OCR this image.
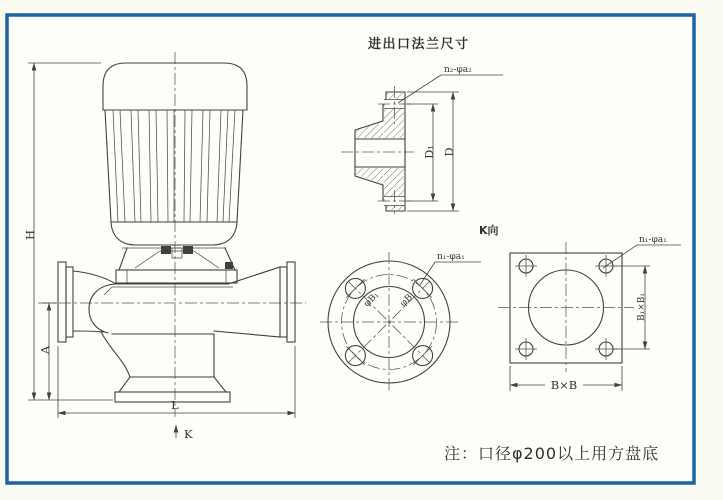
H
A
L
K
进出口法兰尺寸
n₂-φa₂
D₁ D
K向
φB₁ φB
n₁-φa₁
n₁-φa₁
B₁×B₁
B×B
注：口径φ200以上用方盘底
